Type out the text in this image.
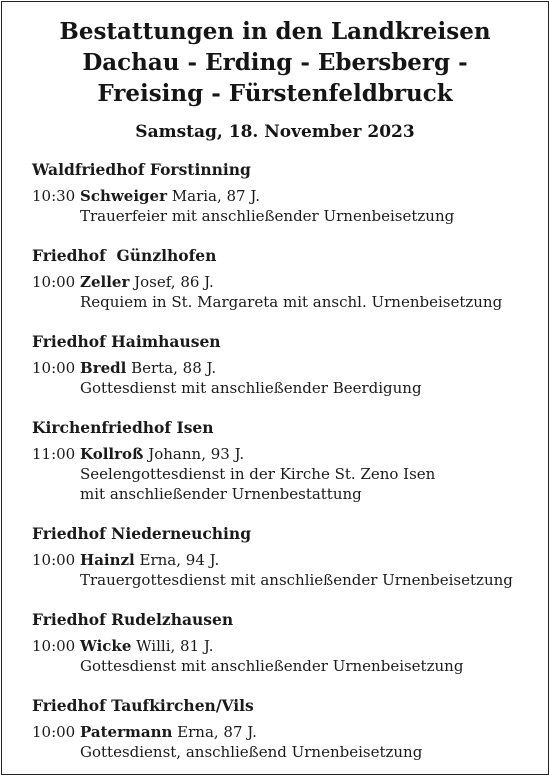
Bestattungen in den Landkreisen
Dachau - Erding - Ebersberg -
Freising - Fürstenfeldbruck
Samstag, 18. November 2023
Waldfriedhof Forstinning
10:30 Schweiger Maria, 87 J.
Trauerfeier mit anschließender Urnenbeisetzung
Friedhof  Günzlhofen
10:00 Zeller Josef, 86 J.
Requiem in St. Margareta mit anschl. Urnenbeisetzung
Friedhof Haimhausen
10:00 Bredl Berta, 88 J.
Gottesdienst mit anschließender Beerdigung
Kirchenfriedhof Isen
11:00 Kollroß Johann, 93 J.
Seelengottesdienst in der Kirche St. Zeno Isen
mit anschließender Urnenbestattung
Friedhof Niederneuching
10:00 Hainzl Erna, 94 J.
Trauergottesdienst mit anschließender Urnenbeisetzung
Friedhof Rudelzhausen
10:00 Wicke Willi, 81 J.
Gottesdienst mit anschließender Urnenbeisetzung
Friedhof Taufkirchen/Vils
10:00 Patermann Erna, 87 J.
Gottesdienst, anschließend Urnenbeisetzung
